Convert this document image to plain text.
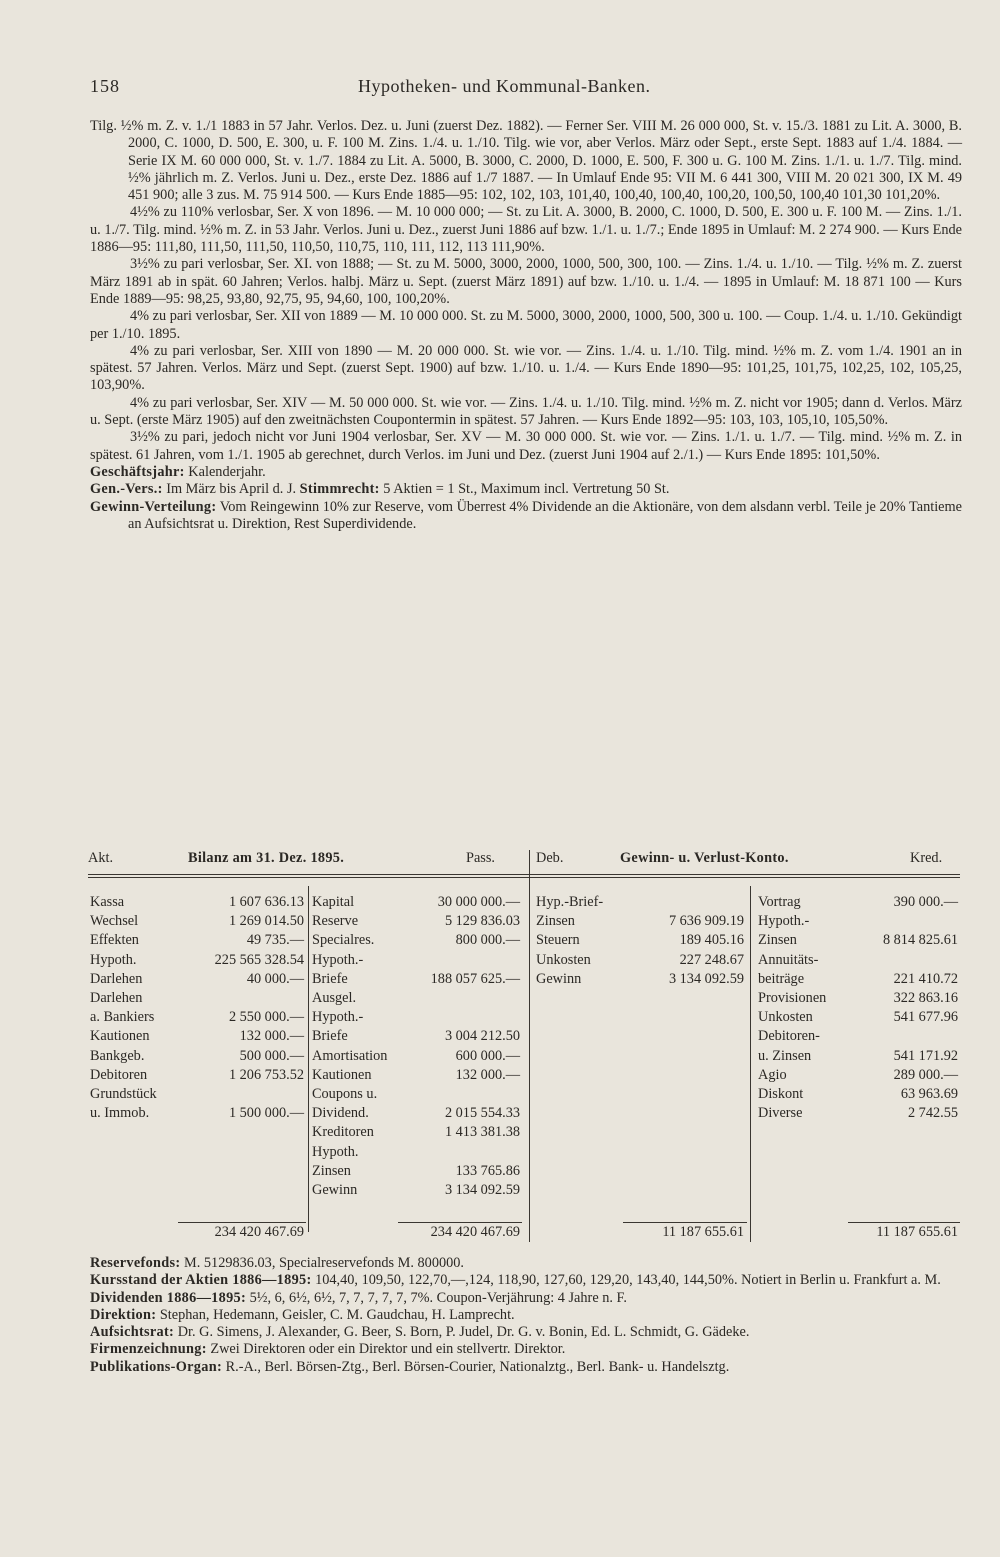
158	Hypotheken- und Kommunal-Banken.

Tilg. ½% m. Z. v. 1./1 1883 in 57 Jahr. Verlos. Dez. u. Juni (zuerst Dez. 1882). — Ferner Ser. VIII M. 26 000 000, St. v. 15./3. 1881 zu Lit. A. 3000, B. 2000, C. 1000, D. 500, E. 300, u. F. 100 M. Zins. 1./4. u. 1./10. Tilg. wie vor, aber Verlos. März oder Sept., erste Sept. 1883 auf 1./4. 1884. — Serie IX M. 60 000 000, St. v. 1./7. 1884 zu Lit. A. 5000, B. 3000, C. 2000, D. 1000, E. 500, F. 300 u. G. 100 M. Zins. 1./1. u. 1./7. Tilg. mind. ½% jährlich m. Z. Verlos. Juni u. Dez., erste Dez. 1886 auf 1./7 1887. — In Umlauf Ende 95: VII M. 6 441 300, VIII M. 20 021 300, IX M. 49 451 900; alle 3 zus. M. 75 914 500. — Kurs Ende 1885—95: 102, 102, 103, 101,40, 100,40, 100,40, 100,20, 100,50, 100,40 101,30 101,20%.

4½% zu 110% verlosbar, Ser. X von 1896. — M. 10 000 000; — St. zu Lit. A. 3000, B. 2000, C. 1000, D. 500, E. 300 u. F. 100 M. — Zins. 1./1. u. 1./7. Tilg. mind. ½% m. Z. in 53 Jahr. Verlos. Juni u. Dez., zuerst Juni 1886 auf bzw. 1./1. u. 1./7.; Ende 1895 in Umlauf: M. 2 274 900. — Kurs Ende 1886—95: 111,80, 111,50, 111,50, 110,50, 110,75, 110, 111, 112, 113 111,90%.

3½% zu pari verlosbar, Ser. XI. von 1888; — St. zu M. 5000, 3000, 2000, 1000, 500, 300, 100. — Zins. 1./4. u. 1./10. — Tilg. ½% m. Z. zuerst März 1891 ab in spät. 60 Jahren; Verlos. halbj. März u. Sept. (zuerst März 1891) auf bzw. 1./10. u. 1./4. — 1895 in Umlauf: M. 18 871 100 — Kurs Ende 1889—95: 98,25, 93,80, 92,75, 95, 94,60, 100, 100,20%.

4% zu pari verlosbar, Ser. XII von 1889 — M. 10 000 000. St. zu M. 5000, 3000, 2000, 1000, 500, 300 u. 100. — Coup. 1./4. u. 1./10. Gekündigt per 1./10. 1895.

4% zu pari verlosbar, Ser. XIII von 1890 — M. 20 000 000. St. wie vor. — Zins. 1./4. u. 1./10. Tilg. mind. ½% m. Z. vom 1./4. 1901 an in spätest. 57 Jahren. Verlos. März und Sept. (zuerst Sept. 1900) auf bzw. 1./10. u. 1./4. — Kurs Ende 1890—95: 101,25, 101,75, 102,25, 102, 105,25, 103,90%.

4% zu pari verlosbar, Ser. XIV — M. 50 000 000. St. wie vor. — Zins. 1./4. u. 1./10. Tilg. mind. ½% m. Z. nicht vor 1905; dann d. Verlos. März u. Sept. (erste März 1905) auf den zweitnächsten Coupontermin in spätest. 57 Jahren. — Kurs Ende 1892—95: 103, 103, 105,10, 105,50%.

3½% zu pari, jedoch nicht vor Juni 1904 verlosbar, Ser. XV — M. 30 000 000. St. wie vor. — Zins. 1./1. u. 1./7. — Tilg. mind. ½% m. Z. in spätest. 61 Jahren, vom 1./1. 1905 ab gerechnet, durch Verlos. im Juni und Dez. (zuerst Juni 1904 auf 2./1.) — Kurs Ende 1895: 101,50%.

Geschäftsjahr: Kalenderjahr.

Gen.-Vers.: Im März bis April d. J. Stimmrecht: 5 Aktien = 1 St., Maximum incl. Vertretung 50 St.

Gewinn-Verteilung: Vom Reingewinn 10% zur Reserve, vom Überrest 4% Dividende an die Aktionäre, von dem alsdann verbl. Teile je 20% Tantieme an Aufsichtsrat u. Direktion, Rest Superdividende.

Akt.	Bilanz am 31. Dez. 1895.	Pass.	Deb.	Gewinn- u. Verlust-Konto.	Kred.
Kassa	1 607 636.13
Wechsel	1 269 014.50
Effekten	49 735.—
Hypoth.	225 565 328.54
Darlehen	40 000.—
Darlehen
a. Bankiers	2 550 000.—
Kautionen	132 000.—
Bankgeb.	500 000.—
Debitoren	1 206 753.52
Grundstück
u. Immob.	1 500 000.—
Kapital	30 000 000.—
Reserve	5 129 836.03
Specialres.	800 000.—
Hypoth.-
Briefe	188 057 625.—
Ausgel.
Hypoth.-
Briefe	3 004 212.50
Amortisation	600 000.—
Kautionen	132 000.—
Coupons u.
Dividend.	2 015 554.33
Kreditoren	1 413 381.38
Hypoth.
Zinsen	133 765.86
Gewinn	3 134 092.59
Hyp.-Brief-
Zinsen	7 636 909.19
Steuern	189 405.16
Unkosten	227 248.67
Gewinn	3 134 092.59
Vortrag	390 000.—
Hypoth.-
Zinsen	8 814 825.61
Annuitäts-
beiträge	221 410.72
Provisionen	322 863.16
Unkosten	541 677.96
Debitoren-
u. Zinsen	541 171.92
Agio	289 000.—
Diskont	63 963.69
Diverse	2 742.55
234 420 467.69	234 420 467.69	11 187 655.61	11 187 655.61

Reservefonds: M. 5129836.03, Specialreservefonds M. 800000.

Kursstand der Aktien 1886—1895: 104,40, 109,50, 122,70,—,124, 118,90, 127,60, 129,20, 143,40, 144,50%. Notiert in Berlin u. Frankfurt a. M.

Dividenden 1886—1895: 5½, 6, 6½, 6½, 7, 7, 7, 7, 7, 7%. Coupon-Verjährung: 4 Jahre n. F.

Direktion: Stephan, Hedemann, Geisler, C. M. Gaudchau, H. Lamprecht.

Aufsichtsrat: Dr. G. Simens, J. Alexander, G. Beer, S. Born, P. Judel, Dr. G. v. Bonin, Ed. L. Schmidt, G. Gädeke.

Firmenzeichnung: Zwei Direktoren oder ein Direktor und ein stellvertr. Direktor.

Publikations-Organ: R.-A., Berl. Börsen-Ztg., Berl. Börsen-Courier, Nationalztg., Berl. Bank- u. Handelsztg.
